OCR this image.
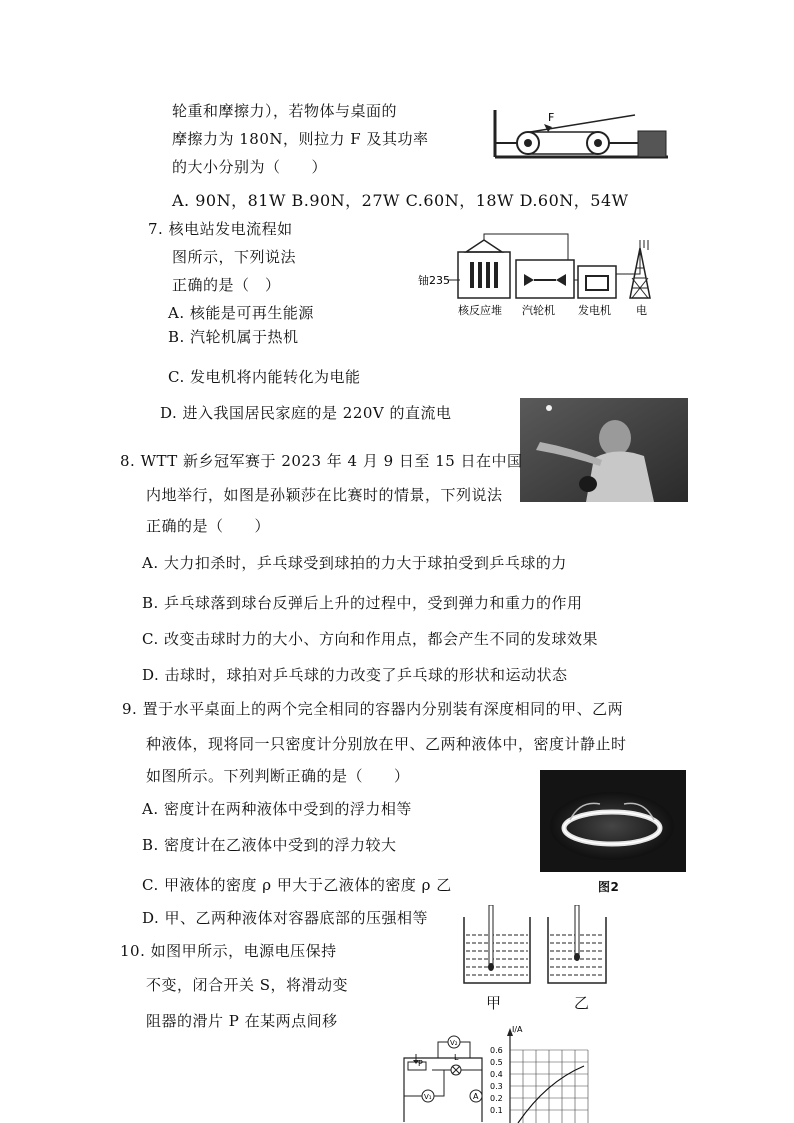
轮重和摩擦力），若物体与桌面的
摩擦力为 180N，则拉力 F 及其功率
的大小分别为（　　）
A. 90N，81W B.90N，27W C.60N，18W D.60N，54W
F
7. 核电站发电流程如
图所示，下列说法
正确的是（　）
A. 核能是可再生能源
B. 汽轮机属于热机
C. 发电机将内能转化为电能
D. 进入我国居民家庭的是 220V 的直流电
铀235
核反应堆 汽轮机 发电机 电
8. WTT 新乡冠军赛于 2023 年 4 月 9 日至 15 日在中国
内地举行，如图是孙颖莎在比赛时的情景，下列说法
正确的是（　　）
A. 大力扣杀时，乒乓球受到球拍的力大于球拍受到乒乓球的力
B. 乒乓球落到球台反弹后上升的过程中，受到弹力和重力的作用
C. 改变击球时力的大小、方向和作用点，都会产生不同的发球效果
D. 击球时，球拍对乒乓球的力改变了乒乓球的形状和运动状态
9. 置于水平桌面上的两个完全相同的容器内分别装有深度相同的甲、乙两
种液体，现将同一只密度计分别放在甲、乙两种液体中，密度计静止时
如图所示。下列判断正确的是（　　）
A. 密度计在两种液体中受到的浮力相等
B. 密度计在乙液体中受到的浮力较大
C. 甲液体的密度 ρ 甲大于乙液体的密度 ρ 乙
D. 甲、乙两种液体对容器底部的压强相等
图2
甲	乙
10. 如图甲所示，电源电压保持
不变，闭合开关 S，将滑动变
阻器的滑片 P 在某两点间移
P
V₂
L
V₁	A
I/A
0.6
0.5
0.4
0.3
0.2
0.1
